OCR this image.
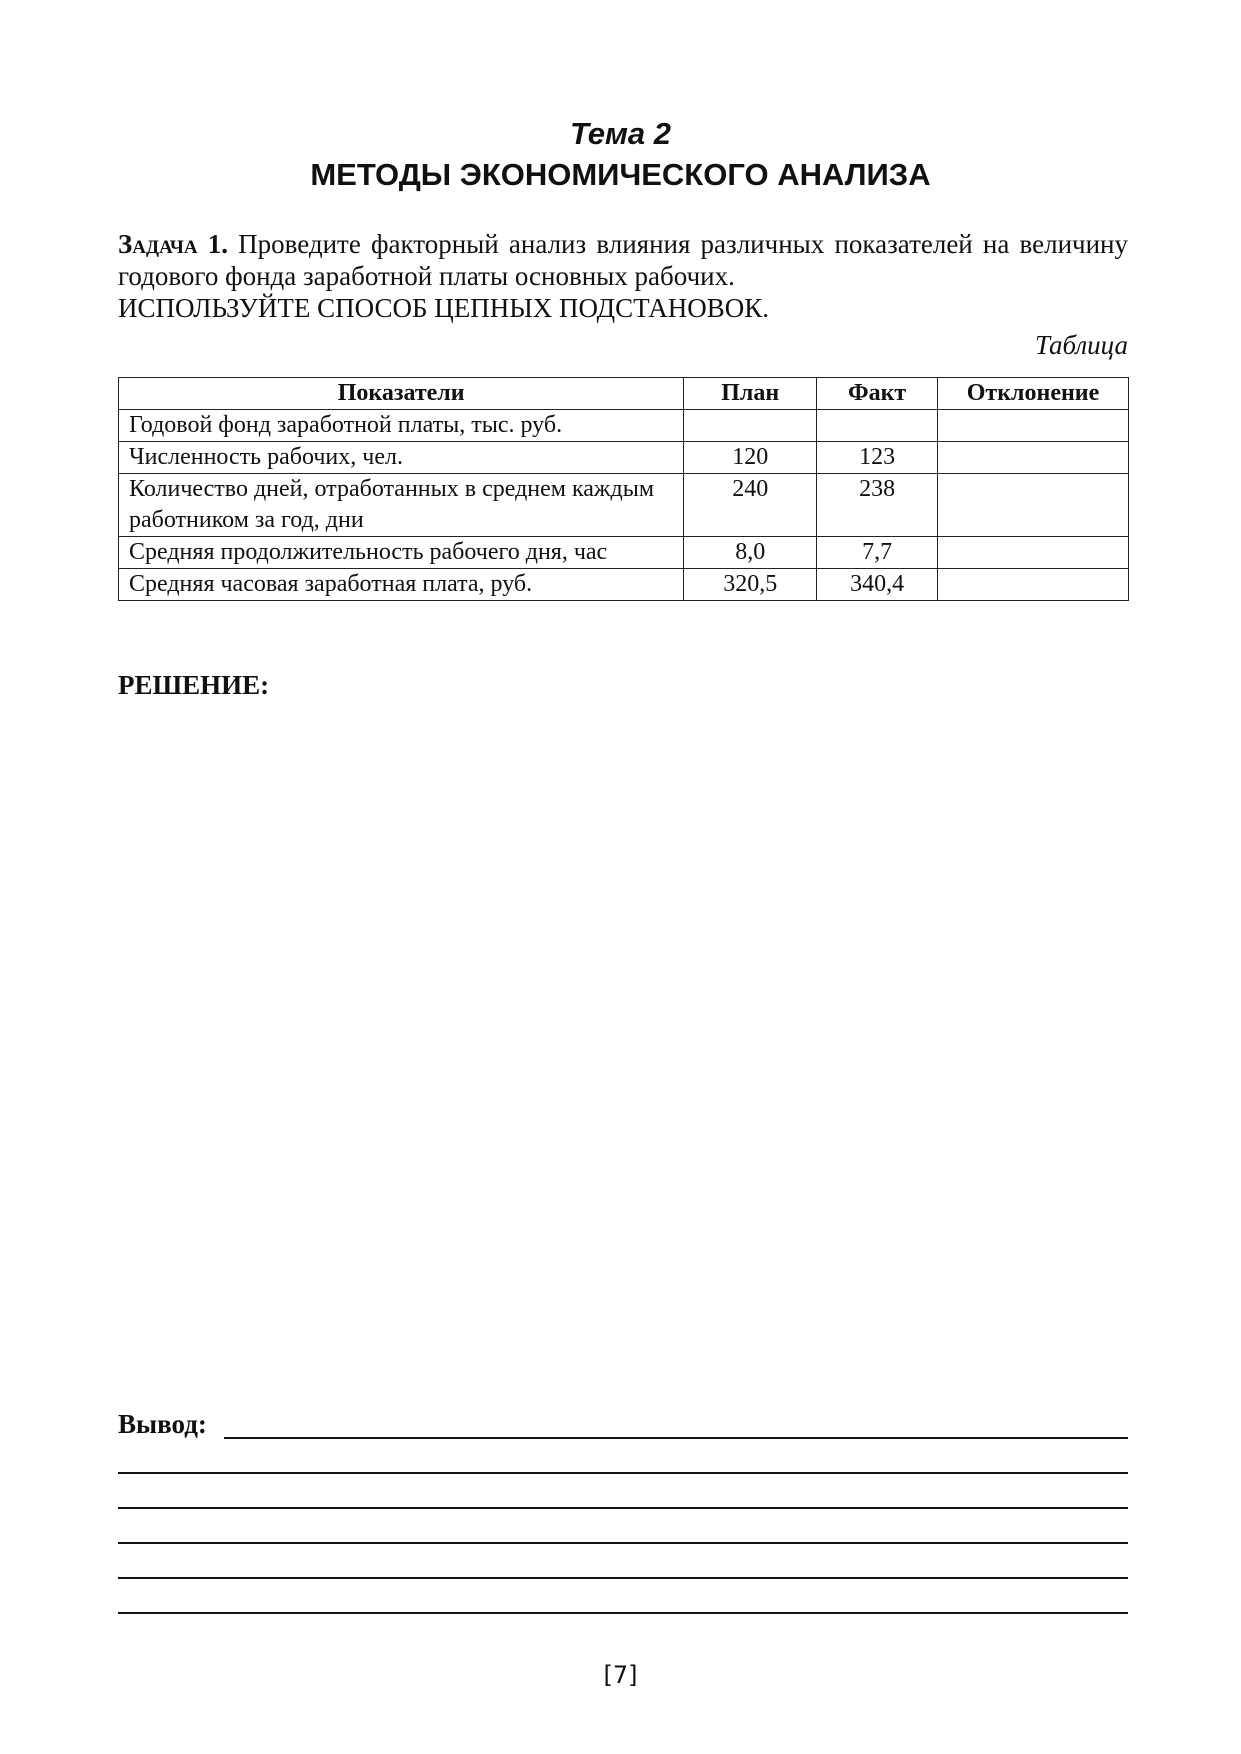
Тема 2
МЕТОДЫ ЭКОНОМИЧЕСКОГО АНАЛИЗА
Задача 1. Проведите факторный анализ влияния различных показателей на величину годового фонда заработной платы основных рабочих.
ИСПОЛЬЗУЙТЕ СПОСОБ ЦЕПНЫХ ПОДСТАНОВОК.
Таблица
Показатели	План	Факт	Отклонение
Годовой фонд заработной платы, тыс. руб.			
Численность рабочих, чел.	120	123	
Количество дней, отработанных в среднем каждым работником за год, дни	240	238	
Средняя продолжительность рабочего дня, час	8,0	7,7	
Средняя часовая заработная плата, руб.	320,5	340,4	
РЕШЕНИЕ:
Вывод:
[7]
